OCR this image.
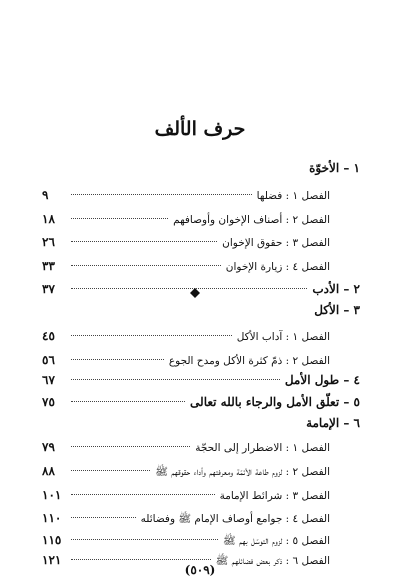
حرف الألف
١ – الأخوّة
الفصل ١ : فضلها
٩
الفصل ٢ : أصناف الإخوان وأوصافهم
١٨
الفصل ٣ : حقوق الإخوان
٢٦
الفصل ٤ : زيارة الإخوان
٣٣
٢ – الأدب
٣٧
٣ – الأكل
الفصل ١ : آداب الأكل
٤٥
الفصل ٢ : ذمّ كثرة الأكل ومدح الجوع
٥٦
٤ – طول الأمل
٦٧
٥ – تعلّق الأمل والرجاء بالله تعالى
٧٥
٦ – الإمامة
الفصل ١ : الاضطرار إلى الحجّة
٧٩
الفصل ٢ : لزوم طاعة الأئمّة ومعرفتهم وأداء حقوقهم ﷺ
٨٨
الفصل ٣ : شرائط الإمامة
١٠١
الفصل ٤ : جوامع أوصاف الإمام ﷺ وفضائله
١١٠
الفصل ٥ : لزوم التوسّل بهم ﷺ
١١٥
الفصل ٦ : ذكر بعض فضائلهم ﷺ
١٢١
(٥٠٩)
